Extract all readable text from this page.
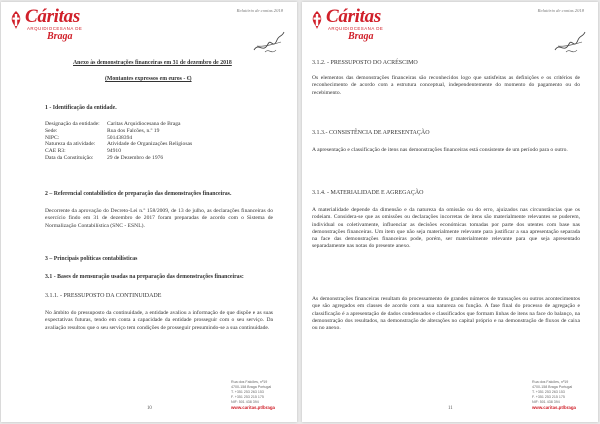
Cáritas
ARQUIDIOCESANA DE
Braga
Relatório de contas 2018
Anexo às demonstrações financeiras em 31 de dezembro de 2018
(Montantes expressos em euros - €)
1 - Identificação da entidade.
Designação da entidade:	Caritas Arquidiocesana de Braga
Sede:	Rua dos Falcões, n.º 19
NIPC:	501438394
Natureza da atividade:	Atividade de Organizações Religiosas
CAE R3:	94910
Data da Constituição:	29 de Dezembro de 1976
2 – Referencial contabilístico de preparação das demonstrações financeiras.
Decorrente da aprovação do Decreto-Lei n.º 158/2009, de 13 de julho, as declarações financeiras do exercício findo em 31 de dezembro de 2017 foram preparadas de acordo com o Sistema de Normalização Contabilística (SNC - ESNL).
3 – Principais políticas contabilísticas
3.1 - Bases de mensuração usadas na preparação das demonstrações financeiras:
3.1.1. - PRESSUPOSTO DA CONTINUIDADE
No âmbito do pressuposto da continuidade, a entidade avaliou a informação de que dispõe e as suas expectativas futuras, tendo em conta a capacidade da entidade prosseguir com o seu serviço. Da avaliação resultou que o seu serviço tem condições de prosseguir presumindo-se a sua continuidade.
Rua dos Falcões, nº19
4700-158 Braga Portugal
T. +351 253 263 153
F. +351 253 215 175
NIF: 501 438 394
www.caritas.pt/braga
10
Cáritas
ARQUIDIOCESANA DE
Braga
Relatório de contas 2018
3.1.2. - PRESSUPOSTO DO ACRÉSCIMO
Os elementos das demonstrações financeiras são reconhecidos logo que satisfeitas as definições e os critérios de reconhecimento de acordo com a estrutura conceptual, independentemente do momento do pagamento ou do recebimento.
3.1.3.- CONSISTÊNCIA DE APRESENTAÇÃO
A apresentação e classificação de itens nas demonstrações financeiras está consistente de um período para o outro.
3.1.4. - MATERIALIDADE E AGREGAÇÃO
A materialidade depende da dimensão e da natureza da omissão ou do erro, ajuizados nas circunstâncias que os rodeiam. Considera-se que as omissões ou declarações incorretas de itens são materialmente relevantes se puderem, individual ou coletivamente, influenciar as decisões económicas tomadas por parte dos utentes com base nas demonstrações financeiras. Um item que não seja materialmente relevante para justificar a sua apresentação separada na face das demonstrações financeiras pode, porém, ser materialmente relevante para que seja apresentado separadamente nas notas do presente anexo.
As demonstrações financeiras resultam do processamento de grandes números de transações ou outros acontecimentos que são agregados em classes de acordo com a sua natureza ou função. A fase final do processo de agregação e classificação é a apresentação de dados condensados e classificados que formam linhas de itens na face do balanço, na demonstração dos resultados, na demonstração de alterações no capital próprio e na demonstração de fluxos de caixa ou no anexo.
Rua dos Falcões, nº19
4700-158 Braga Portugal
T. +351 253 263 153
F. +351 253 215 175
NIF: 501 438 394
www.caritas.pt/braga
11
